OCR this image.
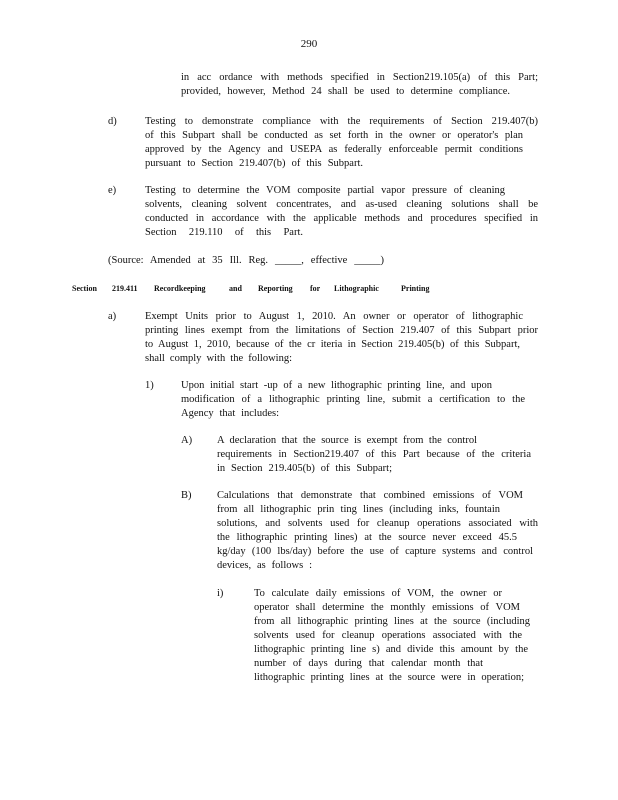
290
in acc ordance with methods specified in Section219.105(a) of this Part;
provided, however, Method 24 shall be used to determine compliance.
d)	Testing to demonstrate compliance with the requirements of Section 219.407(b)
of this Subpart shall be conducted as set forth in the owner or operator's plan
approved by the Agency and USEPA as federally enforceable permit conditions
pursuant to Section 219.407(b) of this Subpart.
e)	Testing to determine the VOM composite partial vapor pressure of cleaning
solvents, cleaning solvent concentrates, and as-used cleaning solutions shall be
conducted in accordance with the applicable methods and procedures specified in
Section 219.110 of this Part.
(Source: Amended at 35 Ill. Reg. _____, effective _____)
Section 219.411 Recordkeeping	and Reporting for Lithographic	Printing
a)	Exempt Units prior to August 1, 2010. An owner or operator of lithographic
printing lines exempt from the limitations of Section 219.407 of this Subpart prior
to August 1, 2010, because of the cr iteria in Section 219.405(b) of this Subpart,
shall comply with the following:
1)	Upon initial start -up of a new lithographic printing line, and upon
modification of a lithographic printing line, submit a certification to the
Agency that includes:
A) A declaration that the source is exempt from the control
requirements in Section219.407 of this Part because of the criteria
in Section 219.405(b) of this Subpart;
B) Calculations that demonstrate that combined emissions of VOM
from all lithographic prin ting lines (including inks, fountain
solutions, and solvents used for cleanup operations associated with
the lithographic printing lines) at the source never exceed 45.5
kg/day (100 lbs/day) before the use of capture systems and control
devices, as follows :
i)	To calculate daily emissions of VOM, the owner or
operator shall determine the monthly emissions of VOM
from all lithographic printing lines at the source (including
solvents used for cleanup operations associated with the
lithographic printing line s) and divide this amount by the
number of days during that calendar month that
lithographic printing lines at the source were in operation;
